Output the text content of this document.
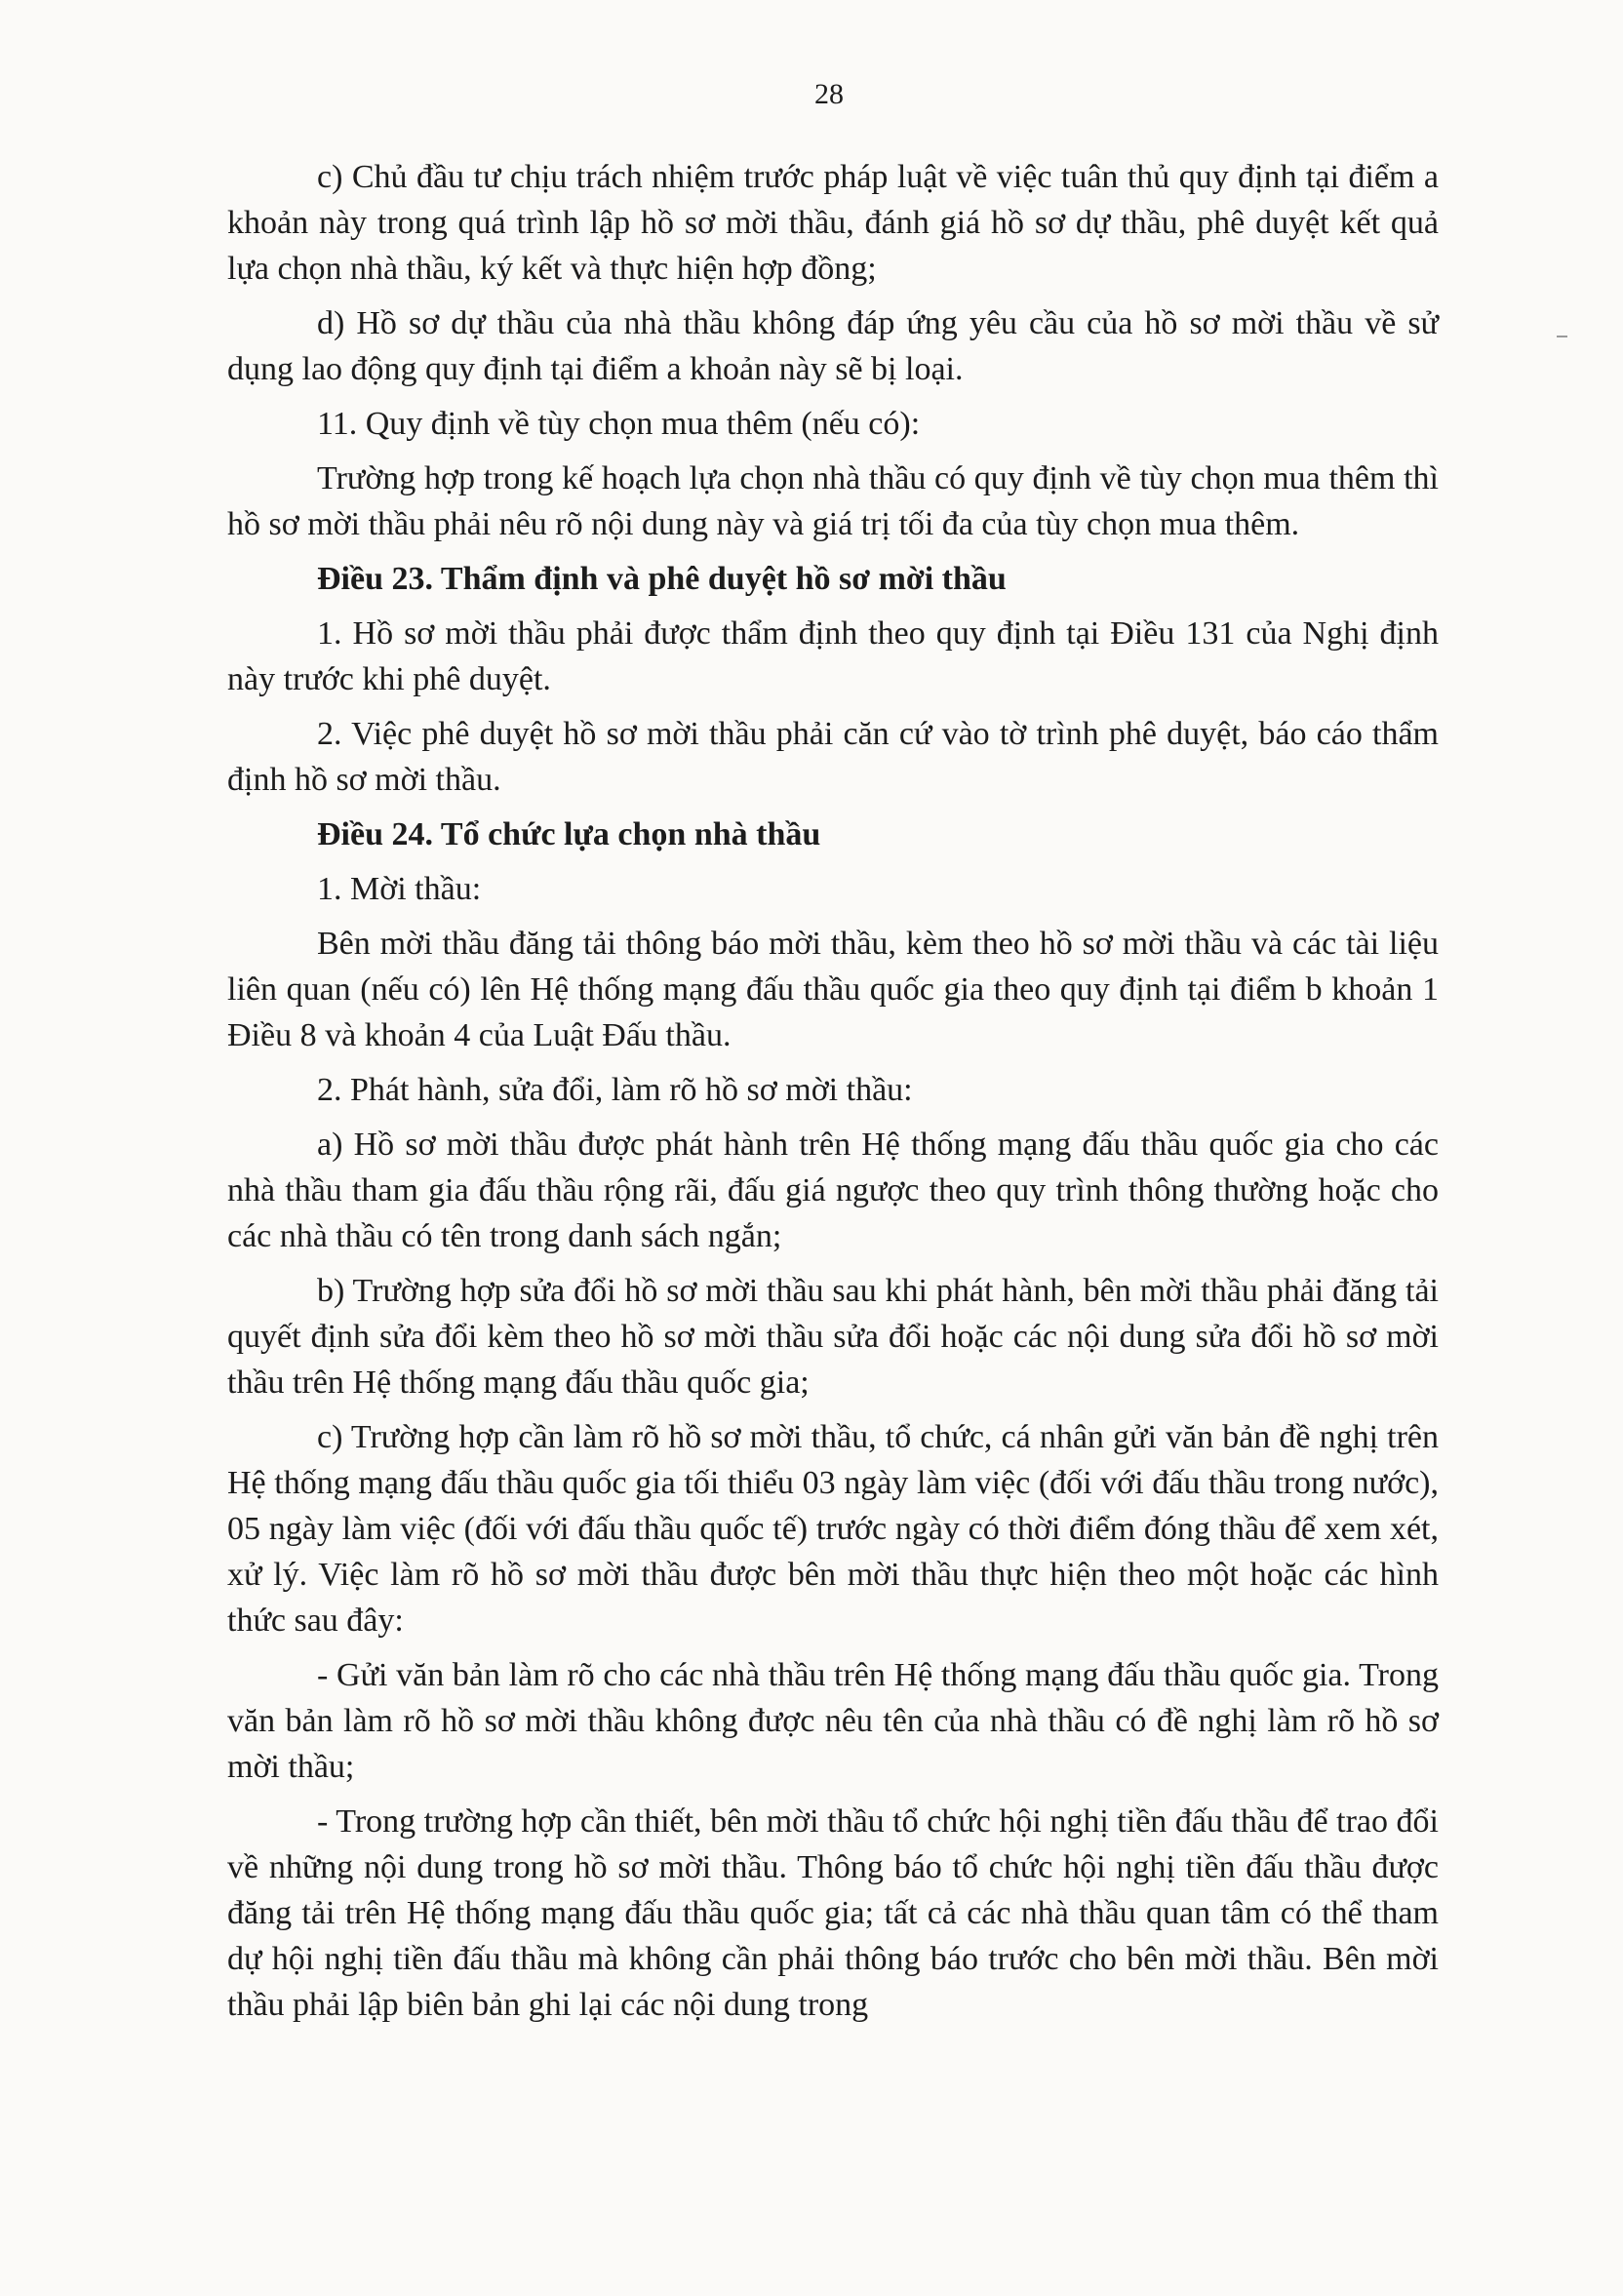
28

c) Chủ đầu tư chịu trách nhiệm trước pháp luật về việc tuân thủ quy định tại điểm a khoản này trong quá trình lập hồ sơ mời thầu, đánh giá hồ sơ dự thầu, phê duyệt kết quả lựa chọn nhà thầu, ký kết và thực hiện hợp đồng;

d) Hồ sơ dự thầu của nhà thầu không đáp ứng yêu cầu của hồ sơ mời thầu về sử dụng lao động quy định tại điểm a khoản này sẽ bị loại.

11. Quy định về tùy chọn mua thêm (nếu có):

Trường hợp trong kế hoạch lựa chọn nhà thầu có quy định về tùy chọn mua thêm thì hồ sơ mời thầu phải nêu rõ nội dung này và giá trị tối đa của tùy chọn mua thêm.

Điều 23. Thẩm định và phê duyệt hồ sơ mời thầu

1. Hồ sơ mời thầu phải được thẩm định theo quy định tại Điều 131 của Nghị định này trước khi phê duyệt.

2. Việc phê duyệt hồ sơ mời thầu phải căn cứ vào tờ trình phê duyệt, báo cáo thẩm định hồ sơ mời thầu.

Điều 24. Tổ chức lựa chọn nhà thầu

1. Mời thầu:

Bên mời thầu đăng tải thông báo mời thầu, kèm theo hồ sơ mời thầu và các tài liệu liên quan (nếu có) lên Hệ thống mạng đấu thầu quốc gia theo quy định tại điểm b khoản 1 Điều 8 và khoản 4 của Luật Đấu thầu.

2. Phát hành, sửa đổi, làm rõ hồ sơ mời thầu:

a) Hồ sơ mời thầu được phát hành trên Hệ thống mạng đấu thầu quốc gia cho các nhà thầu tham gia đấu thầu rộng rãi, đấu giá ngược theo quy trình thông thường hoặc cho các nhà thầu có tên trong danh sách ngắn;

b) Trường hợp sửa đổi hồ sơ mời thầu sau khi phát hành, bên mời thầu phải đăng tải quyết định sửa đổi kèm theo hồ sơ mời thầu sửa đổi hoặc các nội dung sửa đổi hồ sơ mời thầu trên Hệ thống mạng đấu thầu quốc gia;

c) Trường hợp cần làm rõ hồ sơ mời thầu, tổ chức, cá nhân gửi văn bản đề nghị trên Hệ thống mạng đấu thầu quốc gia tối thiểu 03 ngày làm việc (đối với đấu thầu trong nước), 05 ngày làm việc (đối với đấu thầu quốc tế) trước ngày có thời điểm đóng thầu để xem xét, xử lý. Việc làm rõ hồ sơ mời thầu được bên mời thầu thực hiện theo một hoặc các hình thức sau đây:

- Gửi văn bản làm rõ cho các nhà thầu trên Hệ thống mạng đấu thầu quốc gia. Trong văn bản làm rõ hồ sơ mời thầu không được nêu tên của nhà thầu có đề nghị làm rõ hồ sơ mời thầu;

- Trong trường hợp cần thiết, bên mời thầu tổ chức hội nghị tiền đấu thầu để trao đổi về những nội dung trong hồ sơ mời thầu. Thông báo tổ chức hội nghị tiền đấu thầu được đăng tải trên Hệ thống mạng đấu thầu quốc gia; tất cả các nhà thầu quan tâm có thể tham dự hội nghị tiền đấu thầu mà không cần phải thông báo trước cho bên mời thầu. Bên mời thầu phải lập biên bản ghi lại các nội dung trong
